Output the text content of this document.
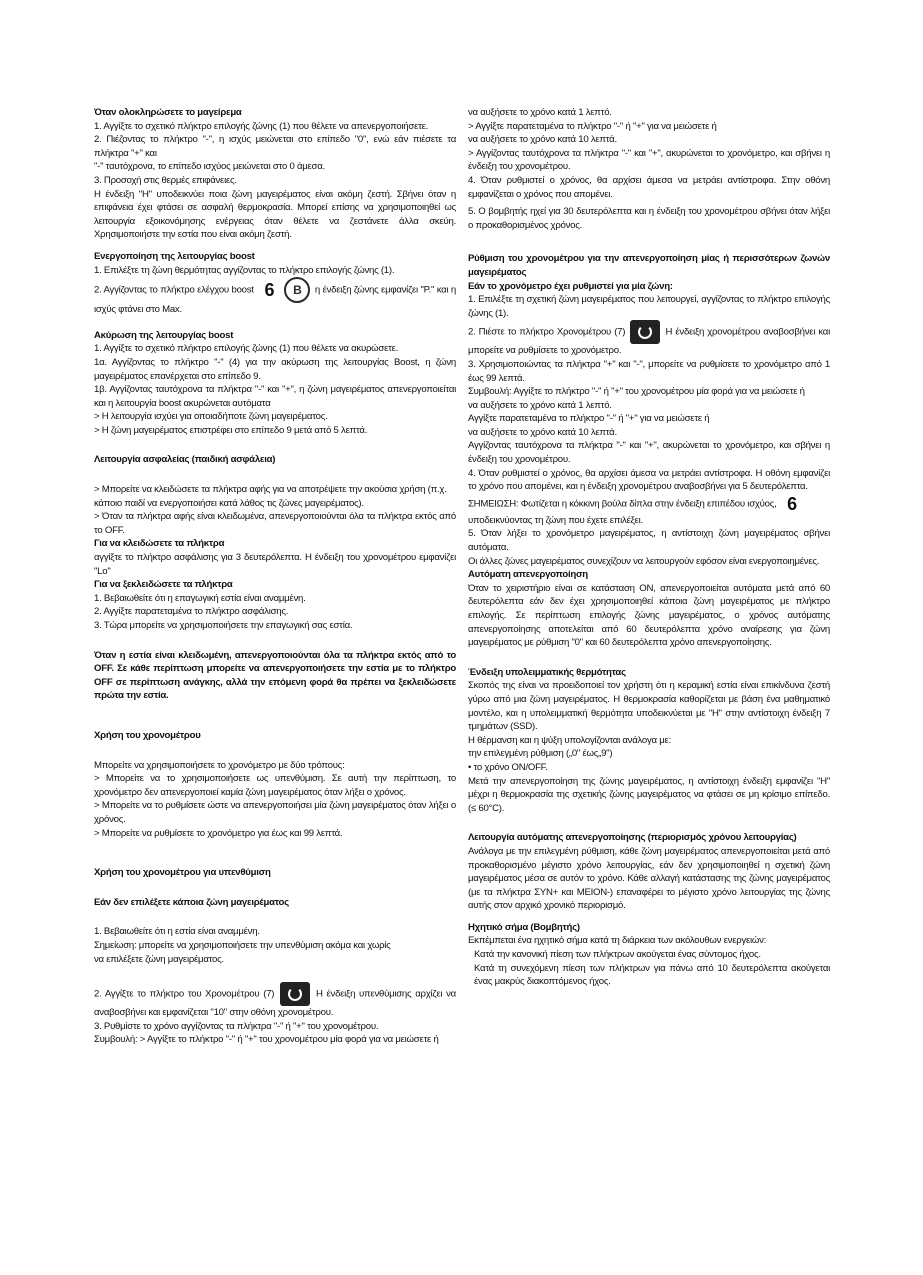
Όταν ολοκληρώσετε το μαγείρεμα

1. Αγγίξτε το σχετικό πλήκτρο επιλογής ζώνης (1) που θέλετε να απενεργοποιήσετε.

2. Πιέζοντας το πλήκτρο "-", η ισχύς μειώνεται στο επίπεδο "0", ενώ εάν πιέσετε τα πλήκτρα "+" και

"-" ταυτόχρονα, το επίπεδο ισχύος μειώνεται στο 0 άμεσα.

3. Προσοχή στις θερμές επιφάνειες.

Η ένδειξη "H" υποδεικνύει ποια ζώνη μαγειρέματος είναι ακόμη ζεστή. Σβήνει όταν η επιφάνεια έχει φτάσει σε ασφαλή θερμοκρασία. Μπορεί επίσης να χρησιμοποιηθεί ως λειτουργία εξοικονόμησης ενέργειας όταν θέλετε να ζεστάνετε άλλα σκεύη. Χρησιμοποιήστε την εστία που είναι ακόμη ζεστή.

Ενεργοποίηση της λειτουργίας boost

1. Επιλέξτε τη ζώνη θερμότητας αγγίζοντας το πλήκτρο επιλογής ζώνης (1).

2. Αγγίζοντας το πλήκτρο ελέγχου boost 6 B η ένδειξη ζώνης εμφανίζει "P." και η ισχύς φτάνει στο Max.

Ακύρωση της λειτουργίας boost

1. Αγγίξτε το σχετικό πλήκτρο επιλογής ζώνης (1) που θέλετε να ακυρώσετε.

1α. Αγγίζοντας το πλήκτρο "-" (4) για την ακύρωση της λειτουργίας Boost, η ζώνη μαγειρέματος επανέρχεται στο επίπεδο 9.

1β. Αγγίζοντας ταυτόχρονα τα πλήκτρα "-" και "+", η ζώνη μαγειρέματος απενεργοποιείται και η λειτουργία boost ακυρώνεται αυτόματα

> Η λειτουργία ισχύει για οποιαδήποτε ζώνη μαγειρέματος.

> Η ζώνη μαγειρέματος επιστρέφει στο επίπεδο 9 μετά από 5 λεπτά.

Λειτουργία ασφαλείας (παιδική ασφάλεια)

> Μπορείτε να κλειδώσετε τα πλήκτρα αφής για να αποτρέψετε την ακούσια χρήση (π.χ.

κάποιο παιδί να ενεργοποιήσει κατά λάθος τις ζώνες μαγειρέματος).

> Όταν τα πλήκτρα αφής είναι κλειδωμένα, απενεργοποιούνται όλα τα πλήκτρα εκτός από το OFF.

Για να κλειδώσετε τα πλήκτρα

αγγίξτε το πλήκτρο ασφάλισης για 3 δευτερόλεπτα. Η ένδειξη του χρονομέτρου εμφανίζει "Lo"

Για να ξεκλειδώσετε τα πλήκτρα

1. Βεβαιωθείτε ότι η επαγωγική εστία είναι αναμμένη.

2. Αγγίξτε παρατεταμένα το πλήκτρο ασφάλισης.

3. Τώρα μπορείτε να χρησιμοποιήσετε την επαγωγική σας εστία.

Όταν η εστία είναι κλειδωμένη, απενεργοποιούνται όλα τα πλήκτρα εκτός από το OFF. Σε κάθε περίπτωση μπορείτε να απενεργοποιήσετε την εστία με το πλήκτρο OFF σε περίπτωση ανάγκης, αλλά την επόμενη φορά θα πρέπει να ξεκλειδώσετε πρώτα την εστία.

Χρήση του χρονομέτρου

Μπορείτε να χρησιμοποιήσετε το χρονόμετρο με δύο τρόπους:

> Μπορείτε να το χρησιμοποιήσετε ως υπενθύμιση. Σε αυτή την περίπτωση, το χρονόμετρο δεν απενεργοποιεί καμία ζώνη μαγειρέματος όταν λήξει ο χρόνος.

> Μπορείτε να το ρυθμίσετε ώστε να απενεργοποιήσει μία ζώνη μαγειρέματος όταν λήξει ο χρόνος.

> Μπορείτε να ρυθμίσετε το χρονόμετρο για έως και 99 λεπτά.

Χρήση του χρονομέτρου για υπενθύμιση

Εάν δεν επιλέξετε κάποια ζώνη μαγειρέματος

1. Βεβαιωθείτε ότι η εστία είναι αναμμένη.

Σημείωση: μπορείτε να χρησιμοποιήσετε την υπενθύμιση ακόμα και χωρίς

να επιλέξετε ζώνη μαγειρέματος.

2. Αγγίξτε το πλήκτρο του Χρονομέτρου (7)	Η ένδειξη υπενθύμισης αρχίζει να αναβοσβήνει και εμφανίζεται "10" στην οθόνη χρονομέτρου.

3. Ρυθμίστε το χρόνο αγγίζοντας τα πλήκτρα "-" ή "+" του χρονομέτρου.

Συμβουλή: > Αγγίξτε το πλήκτρο "-" ή "+" του χρονομέτρου μία φορά για να μειώσετε ή

να αυξήσετε το χρόνο κατά 1 λεπτό.

> Αγγίξτε παρατεταμένα το πλήκτρο "-" ή "+" για να μειώσετε ή

να αυξήσετε το χρόνο κατά 10 λεπτά.

> Αγγίζοντας ταυτόχρονα τα πλήκτρα "-" και "+", ακυρώνεται το χρονόμετρο, και σβήνει η ένδειξη του χρονομέτρου.

4. Όταν ρυθμιστεί ο χρόνος, θα αρχίσει άμεσα να μετράει αντίστροφα. Στην οθόνη εμφανίζεται ο χρόνος που απομένει.

5. Ο βομβητής ηχεί για 30 δευτερόλεπτα και η ένδειξη του χρονομέτρου σβήνει όταν λήξει ο προκαθορισμένος χρόνος.

Ρύθμιση του χρονομέτρου για την απενεργοποίηση μίας ή περισσότερων ζωνών μαγειρέματος

Εάν το χρονόμετρο έχει ρυθμιστεί για μία ζώνη:

1. Επιλέξτε τη σχετική ζώνη μαγειρέματος που λειτουργεί, αγγίζοντας το πλήκτρο επιλογής ζώνης (1).

2. Πιέστε το πλήκτρο Χρονομέτρου (7)	Η ένδειξη χρονομέτρου αναβοσβήνει και μπορείτε να ρυθμίσετε το χρονόμετρο.

3. Χρησιμοποιώντας τα πλήκτρα "+" και "-", μπορείτε να ρυθμίσετε το χρονόμετρο από 1 έως 99 λεπτά.

Συμβουλή: Αγγίξτε το πλήκτρο "-" ή "+" του χρονομέτρου μία φορά για να μειώσετε ή

να αυξήσετε το χρόνο κατά 1 λεπτό.

Αγγίξτε παρατεταμένα το πλήκτρο "-" ή "+" για να μειώσετε ή

να αυξήσετε το χρόνο κατά 10 λεπτά.

Αγγίζοντας ταυτόχρονα τα πλήκτρα "-" και "+", ακυρώνεται το χρονόμετρο, και σβήνει η ένδειξη του χρονομέτρου.

4. Όταν ρυθμιστεί ο χρόνος, θα αρχίσει άμεσα να μετράει αντίστροφα. Η οθόνη εμφανίζει το χρόνο που απομένει, και η ένδειξη χρονομέτρου αναβοσβήνει για 5 δευτερόλεπτα.

ΣΗΜΕΙΩΣΗ: Φωτίζεται η κόκκινη βούλα δίπλα στην ένδειξη επιπέδου ισχύος, 6

υποδεικνύοντας τη ζώνη που έχετε επιλέξει.

5. Όταν λήξει το χρονόμετρο μαγειρέματος, η αντίστοιχη ζώνη μαγειρέματος σβήνει αυτόματα.

Οι άλλες ζώνες μαγειρέματος συνεχίζουν να λειτουργούν εφόσον είναι ενεργοποιημένες.

Αυτόματη απενεργοποίηση

Όταν το χειριστήριο είναι σε κατάσταση ON, απενεργοποιείται αυτόματα μετά από 60 δευτερόλεπτα εάν δεν έχει χρησιμοποιηθεί κάποια ζώνη μαγειρέματος με πλήκτρο επιλογής. Σε περίπτωση επιλογής ζώνης μαγειρέματος, ο χρόνος αυτόματης απενεργοποίησης αποτελείται από 60 δευτερόλεπτα χρόνο αναίρεσης για ζώνη μαγειρέματος με ρύθμιση "0" και 60 δευτερόλεπτα χρόνο απενεργοποίησης.

Ένδειξη υπολειμματικής θερμότητας

Σκοπός της είναι να προειδοποιεί τον χρήστη ότι η κεραμική εστία είναι επικίνδυνα ζεστή γύρω από μια ζώνη μαγειρέματος. Η θερμοκρασία καθορίζεται με βάση ένα μαθηματικό μοντέλο, και η υπολειμματική θερμότητα υποδεικνύεται με "H" στην αντίστοιχη ένδειξη 7 τμημάτων (SSD).

Η θέρμανση και η ψύξη υπολογίζονται ανάλογα με:

την επιλεγμένη ρύθμιση („0" έως„9")

• το χρόνο ON/OFF.

Μετά την απενεργοποίηση της ζώνης μαγειρέματος, η αντίστοιχη ένδειξη εμφανίζει "H" μέχρι η θερμοκρασία της σχετικής ζώνης μαγειρέματος να φτάσει σε μη κρίσιμο επίπεδο. (≤ 60°C).

Λειτουργία αυτόματης απενεργοποίησης (περιορισμός χρόνου λειτουργίας)

Ανάλογα με την επιλεγμένη ρύθμιση, κάθε ζώνη μαγειρέματος απενεργοποιείται μετά από προκαθορισμένο μέγιστο χρόνο λειτουργίας, εάν δεν χρησιμοποιηθεί η σχετική ζώνη μαγειρέματος μέσα σε αυτόν το χρόνο. Κάθε αλλαγή κατάστασης της ζώνης μαγειρέματος (με τα πλήκτρα ΣΥΝ+ και ΜΕΙΟΝ-) επαναφέρει το μέγιστο χρόνο λειτουργίας της ζώνης αυτής στον αρχικό χρονικό περιορισμό.

Ηχητικό σήμα (Βομβητής)

Εκπέμπεται ένα ηχητικό σήμα κατά τη διάρκεια των ακόλουθων ενεργειών:

Κατά την κανονική πίεση των πλήκτρων ακούγεται ένας σύντομος ήχος.

Κατά τη συνεχόμενη πίεση των πλήκτρων για πάνω από 10 δευτερόλεπτα ακούγεται ένας μακρύς διακοπτόμενος ήχος.
